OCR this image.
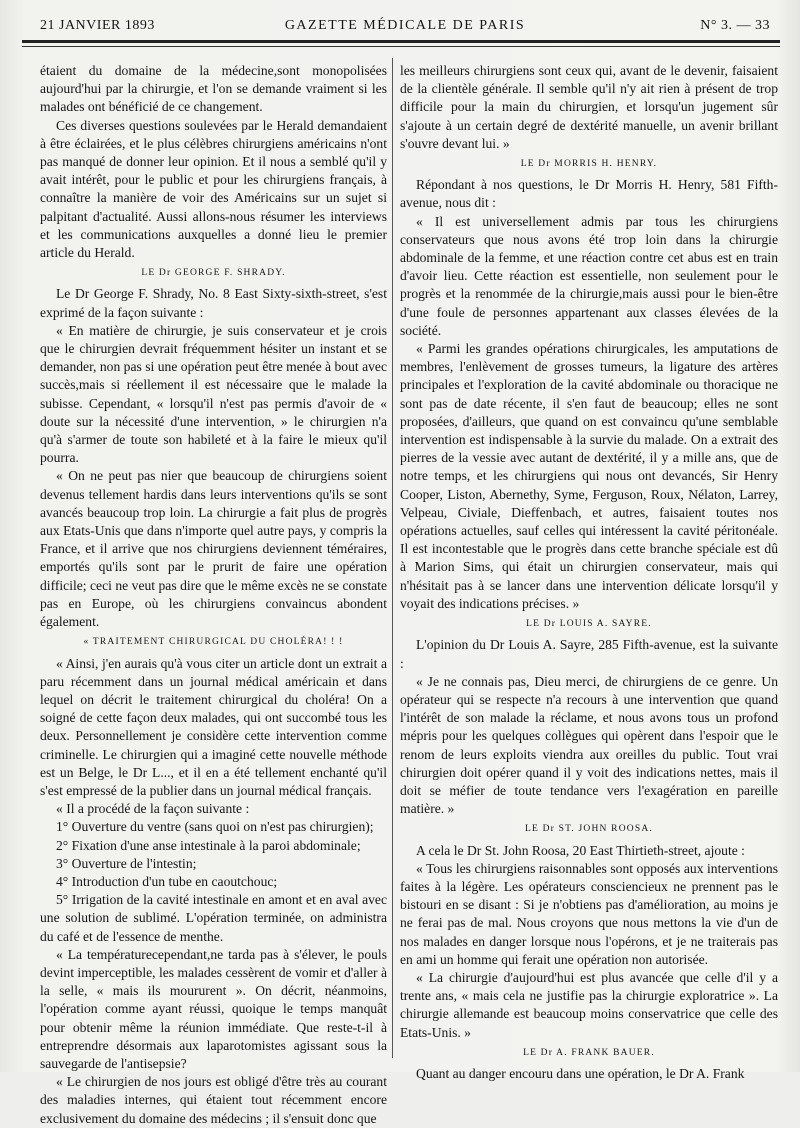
21 JANVIER 1893	GAZETTE MÉDICALE DE PARIS	N° 3. — 33

étaient du domaine de la médecine,sont monopolisées aujourd'hui par la chirurgie, et l'on se demande vraiment si les malades ont bénéficié de ce changement.

Ces diverses questions soulevées par le Herald demandaient à être éclairées, et le plus célèbres chirurgiens américains n'ont pas manqué de donner leur opinion. Et il nous a semblé qu'il y avait intérêt, pour le public et pour les chirurgiens français, à connaître la manière de voir des Américains sur un sujet si palpitant d'actualité. Aussi allons-nous résumer les interviews et les communications auxquelles a donné lieu le premier article du Herald.

LE Dr GEORGE F. SHRADY.

Le Dr George F. Shrady, No. 8 East Sixty-sixth-street, s'est exprimé de la façon suivante :

« En matière de chirurgie, je suis conservateur et je crois que le chirurgien devrait fréquemment hésiter un instant et se demander, non pas si une opération peut être menée à bout avec succès,mais si réellement il est nécessaire que le malade la subisse. Cependant, « lorsqu'il n'est pas permis d'avoir de « doute sur la nécessité d'une intervention, » le chirurgien n'a qu'à s'armer de toute son habileté et à la faire le mieux qu'il pourra.

« On ne peut pas nier que beaucoup de chirurgiens soient devenus tellement hardis dans leurs interventions qu'ils se sont avancés beaucoup trop loin. La chirurgie a fait plus de progrès aux Etats-Unis que dans n'importe quel autre pays, y compris la France, et il arrive que nos chirurgiens deviennent téméraires, emportés qu'ils sont par le prurit de faire une opération difficile; ceci ne veut pas dire que le même excès ne se constate pas en Europe, où les chirurgiens convaincus abondent également.

« TRAITEMENT CHIRURGICAL DU CHOLÉRA! ! !

« Ainsi, j'en aurais qu'à vous citer un article dont un extrait a paru récemment dans un journal médical américain et dans lequel on décrit le traitement chirurgical du choléra! On a soigné de cette façon deux malades, qui ont succombé tous les deux. Personnellement je considère cette intervention comme criminelle. Le chirurgien qui a imaginé cette nouvelle méthode est un Belge, le Dr L..., et il en a été tellement enchanté qu'il s'est empressé de la publier dans un journal médical français.

« Il a procédé de la façon suivante :

1° Ouverture du ventre (sans quoi on n'est pas chirurgien);

2° Fixation d'une anse intestinale à la paroi abdominale;

3° Ouverture de l'intestin;

4° Introduction d'un tube en caoutchouc;

5° Irrigation de la cavité intestinale en amont et en aval avec une solution de sublimé. L'opération terminée, on administra du café et de l'essence de menthe.

« La températurecependant,ne tarda pas à s'élever, le pouls devint imperceptible, les malades cessèrent de vomir et d'aller à la selle, « mais ils moururent ». On décrit, néanmoins, l'opération comme ayant réussi, quoique le temps manquât pour obtenir même la réunion immédiate. Que reste-t-il à entreprendre désormais aux laparotomistes agissant sous la sauvegarde de l'antisepsie?

« Le chirurgien de nos jours est obligé d'être très au courant des maladies internes, qui étaient tout récemment encore exclusivement du domaine des médecins ; il s'ensuit donc que

les meilleurs chirurgiens sont ceux qui, avant de le devenir, faisaient de la clientèle générale. Il semble qu'il n'y ait rien à présent de trop difficile pour la main du chirurgien, et lorsqu'un jugement sûr s'ajoute à un certain degré de dextérité manuelle, un avenir brillant s'ouvre devant lui. »

LE Dr MORRIS H. HENRY.

Répondant à nos questions, le Dr Morris H. Henry, 581 Fifth-avenue, nous dit :

« Il est universellement admis par tous les chirurgiens conservateurs que nous avons été trop loin dans la chirurgie abdominale de la femme, et une réaction contre cet abus est en train d'avoir lieu. Cette réaction est essentielle, non seulement pour le progrès et la renommée de la chirurgie,mais aussi pour le bien-être d'une foule de personnes appartenant aux classes élevées de la société.

« Parmi les grandes opérations chirurgicales, les amputations de membres, l'enlèvement de grosses tumeurs, la ligature des artères principales et l'exploration de la cavité abdominale ou thoracique ne sont pas de date récente, il s'en faut de beaucoup; elles ne sont proposées, d'ailleurs, que quand on est convaincu qu'une semblable intervention est indispensable à la survie du malade. On a extrait des pierres de la vessie avec autant de dextérité, il y a mille ans, que de notre temps, et les chirurgiens qui nous ont devancés, Sir Henry Cooper, Liston, Abernethy, Syme, Ferguson, Roux, Nélaton, Larrey, Velpeau, Civiale, Dieffenbach, et autres, faisaient toutes nos opérations actuelles, sauf celles qui intéressent la cavité péritonéale. Il est incontestable que le progrès dans cette branche spéciale est dû à Marion Sims, qui était un chirurgien conservateur, mais qui n'hésitait pas à se lancer dans une intervention délicate lorsqu'il y voyait des indications précises. »

LE Dr LOUIS A. SAYRE.

L'opinion du Dr Louis A. Sayre, 285 Fifth-avenue, est la suivante :

« Je ne connais pas, Dieu merci, de chirurgiens de ce genre. Un opérateur qui se respecte n'a recours à une intervention que quand l'intérêt de son malade la réclame, et nous avons tous un profond mépris pour les quelques collègues qui opèrent dans l'espoir que le renom de leurs exploits viendra aux oreilles du public. Tout vrai chirurgien doit opérer quand il y voit des indications nettes, mais il doit se méfier de toute tendance vers l'exagération en pareille matière. »

LE Dr ST. JOHN ROOSA.

A cela le Dr St. John Roosa, 20 East Thirtieth-street, ajoute :

« Tous les chirurgiens raisonnables sont opposés aux interventions faites à la légère. Les opérateurs consciencieux ne prennent pas le bistouri en se disant : Si je n'obtiens pas d'amélioration, au moins je ne ferai pas de mal. Nous croyons que nous mettons la vie d'un de nos malades en danger lorsque nous l'opérons, et je ne traiterais pas en ami un homme qui ferait une opération non autorisée.

« La chirurgie d'aujourd'hui est plus avancée que celle d'il y a trente ans, « mais cela ne justifie pas la chirurgie exploratrice ». La chirurgie allemande est beaucoup moins conservatrice que celle des Etats-Unis. »

LE Dr A. FRANK BAUER.

Quant au danger encouru dans une opération, le Dr A. Frank
